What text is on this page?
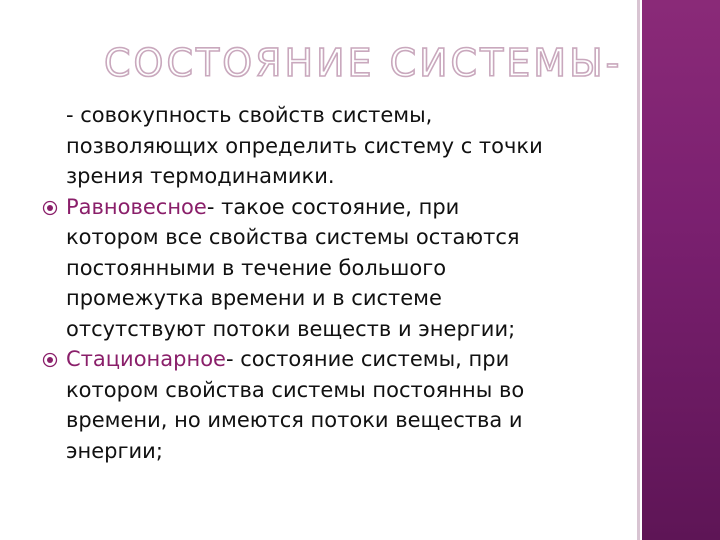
СОСТОЯНИЕ СИСТЕМЫ-

- совокупность свойств системы,
позволяющих определить систему с точки
зрения термодинамики.

Равновесное- такое состояние, при
котором все свойства системы остаются
постоянными в течение большого
промежутка времени и в системе
отсутствуют потоки веществ и энергии;

Стационарное- состояние системы, при
котором свойства системы постоянны во
времени, но имеются потоки вещества и
энергии;
